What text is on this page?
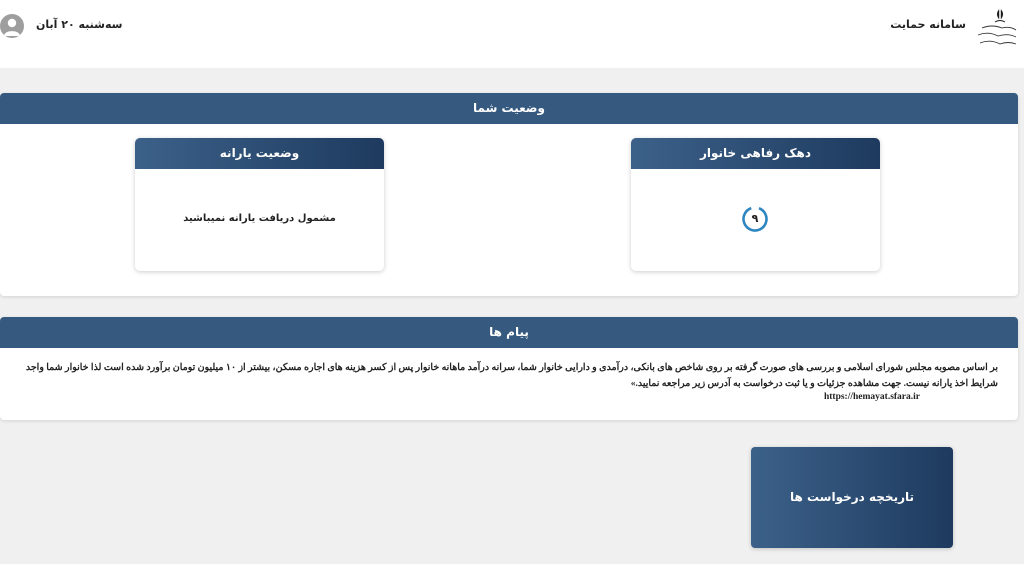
سه‌شنبه ۲۰ آبان	سامانه حمایت
وضعیت شما
وضعیت یارانه
مشمول دریافت یارانه نمیباشید
دهک رفاهی خانوار
۹
پیام ها
بر اساس مصوبه مجلس شورای اسلامی و بررسی های صورت گرفته بر روی شاخص های بانکی، درآمدی و دارایی خانوار شما، سرانه درآمد ماهانه خانوار پس از کسر هزینه های اجاره مسکن، بیشتر از ۱۰ میلیون تومان برآورد شده است لذا خانوار شما واجد شرایط اخذ یارانه نیست. جهت مشاهده جزئیات و یا ثبت درخواست به آدرس زیر مراجعه نمایید.»
https://hemayat.sfara.ir
تاریخچه درخواست ها
